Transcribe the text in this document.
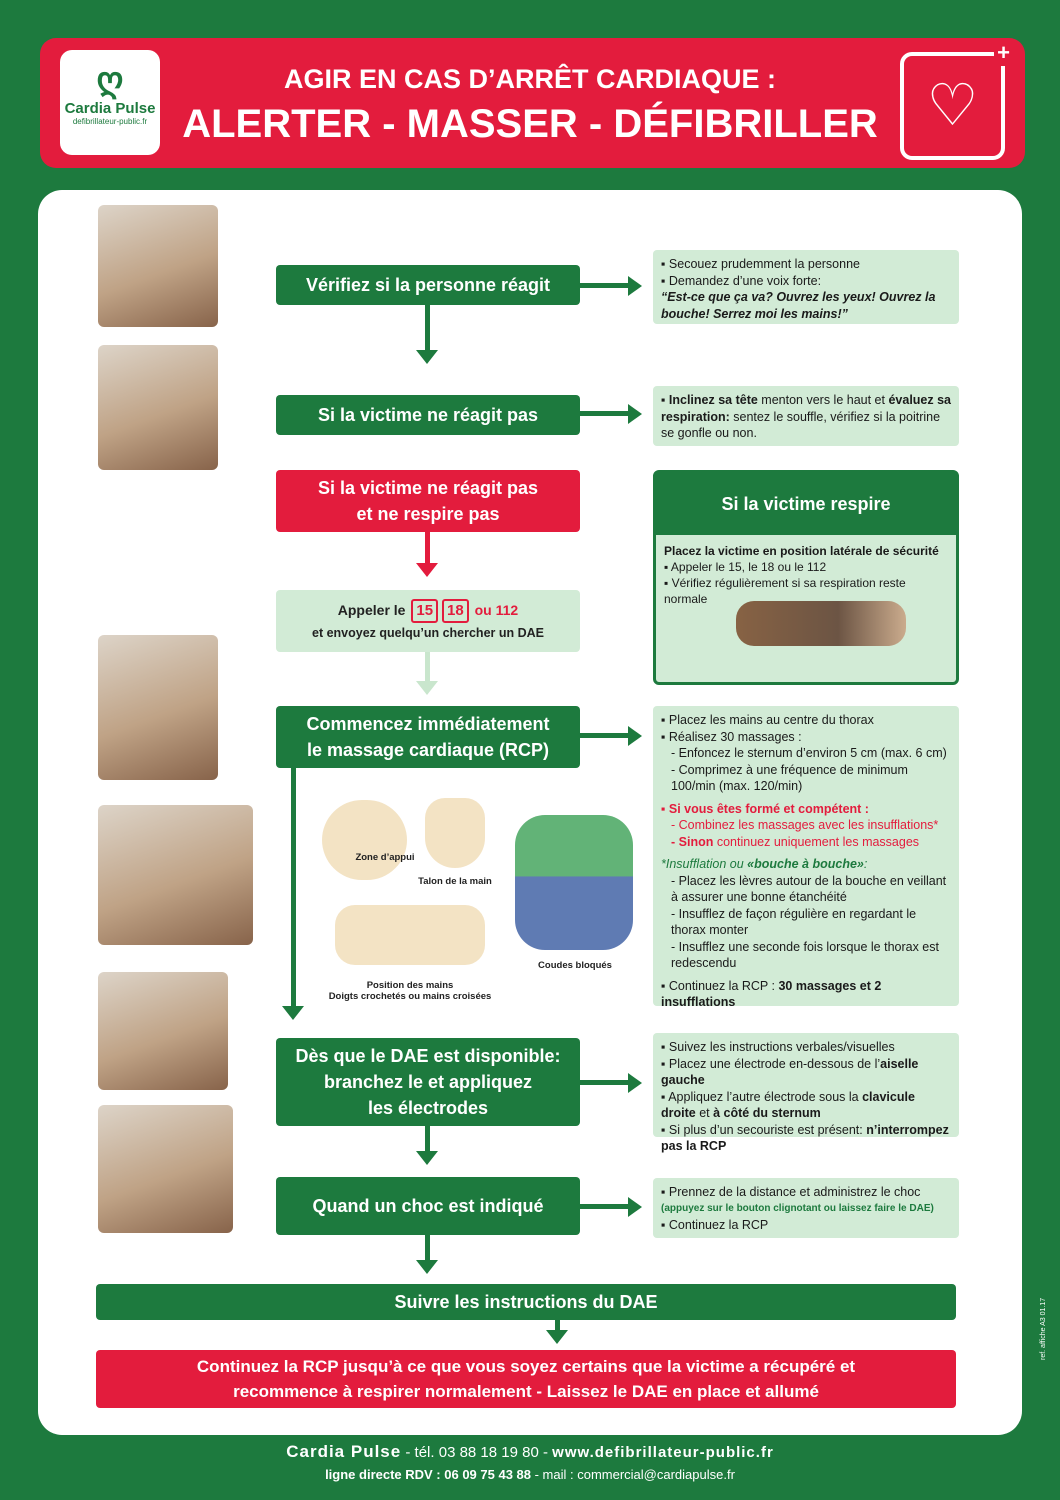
ღ
Cardia Pulse
defibrillateur-public.fr
AGIR EN CAS D’ARRÊT CARDIAQUE :
ALERTER - MASSER - DÉFIBRILLER ♡
+
Vérifiez si la personne réagit
▪ Secouez prudemment la personne
▪ Demandez d’une voix forte:
“Est-ce que ça va? Ouvrez les yeux! Ouvrez la bouche! Serrez moi les mains!”
Si la victime ne réagit pas
▪ Inclinez sa tête menton vers le haut et évaluez sa respiration: sentez le souffle, vérifiez si la poitrine se gonfle ou non.
Si la victime ne réagit pas
et ne respire pas
Appeler le 15 18 ou 112
et envoyez quelqu’un chercher un DAE
Si la victime respire
Placez la victime en position latérale de sécurité
▪ Appeler le 15, le 18 ou le 112
▪ Vérifiez régulièrement si sa respiration reste normale
Commencez immédiatement
le massage cardiaque (RCP)
▪ Placez les mains au centre du thorax
▪ Réalisez 30 massages :
- Enfoncez le sternum d’environ 5 cm (max. 6 cm)
- Comprimez à une fréquence de minimum 100/min (max. 120/min)
▪ Si vous êtes formé et compétent :
- Combinez les massages avec les insufflations*
- Sinon continuez uniquement les massages
*Insufflation ou «bouche à bouche»:
- Placez les lèvres autour de la bouche en veillant à assurer une bonne étanchéité
- Insufflez de façon régulière en regardant le thorax monter
- Insufflez une seconde fois lorsque le thorax est redescendu
▪ Continuez la RCP : 30 massages et 2 insufflations
Zone d’appui
Talon de la main
Position des mains
Doigts crochetés ou mains croisées
Coudes bloqués
Dès que le DAE est disponible:
branchez le et appliquez
les électrodes
▪ Suivez les instructions verbales/visuelles
▪ Placez une électrode en-dessous de l’aiselle gauche
▪ Appliquez l’autre électrode sous la clavicule droite et à côté du sternum
▪ Si plus d’un secouriste est présent: n’interrompez pas la RCP
Quand un choc est indiqué
▪ Prennez de la distance et administrez le choc
(appuyez sur le bouton clignotant ou laissez faire le DAE)
▪ Continuez la RCP
Suivre les instructions du DAE
Continuez la RCP jusqu’à ce que vous soyez certains que la victime a récupéré et
recommence à respirer normalement - Laissez le DAE en place et allumé
ref. affiche A3 01.17
Cardia Pulse - tél. 03 88 18 19 80 - www.defibrillateur-public.fr
ligne directe RDV : 06 09 75 43 88 - mail : commercial@cardiapulse.fr
